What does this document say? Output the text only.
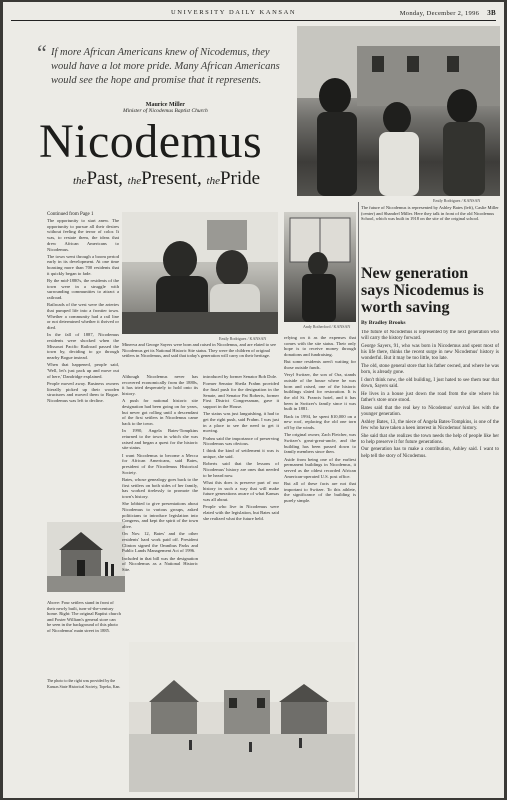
UNIVERSITY DAILY KANSAN	Monday, December 2, 1996 3B
“ If more African Americans knew of Nicodemus, they would have a lot more pride. Many African Americans would see the hope and promise that it represents.
Maurice Miller
Minister of Nicodemus Baptist Church
Nicodemus
thePast, thePresent, thePride
Emily Rodriguez / KANSAN
The future of Nicodemus is represented by Ashley Bates (left), Caslie Miller (center) and Shandrel Miller. Here they talk in front of the old Nicodemus School, which was built in 1918 on the site of the original school.
Continued from Page 1
Emily Rodriguez / KANSAN
Minerva and George Sayers were born and raised in Nicodemus, and are elated to see Nicodemus get its National Historic Site status. They were the children of original settlers in Nicodemus, and said that today's generation will carry on their heritage.
Andy Rotherford / KANSAN
New generation says Nicodemus is worth saving
By Bradley Brooks

The opportunity to start anew. The opportunity to pursue all their desires without feeling the terror of color. It was, to restate them, the ideas that drew African Americans to Nicodemus.

The town went through a boom period early in its development. At one time boasting more than 700 residents that it quickly began to fade.

By the mid-1880's, the residents of the town were in a struggle with surrounding communities to attract a railroad.

Railroads of the west were the arteries that pumped life into a frontier town. Whether a community had a rail line or not determined whether it thrived or died.

In the fall of 1887, Nicodemus residents were shocked when the Missouri Pacific Railroad passed the town by, deciding to go through nearby Bogue instead.

When that happened, people said, 'Well, let's just pack up and move out of here,' Dandridge explained.

People moved away. Business owners literally picked up their wooden structures and moved them to Bogue. Nicodemus was left to decline.

Above: Four settlers stand in front of their newly built, turn-of-the-century home. Right: The original Baptist church and Foster William's general store can be seen in the background of this photo of Nicodemus' main street in 1885.
The photo to the right was provided by the Kansas State Historical Society, Topeka, Kan.

Although Nicodemus never has recovered economically from the 1880s, it has tried desperately to hold onto its history.

A push for national historic site designation had been going on for years, but never got rolling until a descendant of the first settlers in Nicodemus came back to the town.

In 1990, Angela Bates-Tompkins returned to the town in which she was raised and began a quest for the historic site status.

I want Nicodemus to become a Mecca for African Americans, said Bates, president of the Nicodemus Historical Society.

Bates, whose genealogy goes back to the first settlers on both sides of her family, has worked tirelessly to promote the town's history.

She lobbied to give presentations about Nicodemus to various groups, asked politicians to introduce legislation into Congress, and kept the spirit of the town alive.

On Nov. 12, Bates' and the other residents' hard work paid off. President Clinton signed the Omnibus Parks and Public Lands Management Act of 1996.

Included in that bill was the designation of Nicodemus as a National Historic Site.

introduced by former Senator Bob Dole.

Former Senator Sheila Frahm provided the final push for the designation in the Senate, and Senator Pat Roberts, former First District Congressman, gave it support in the House.

The status was just languishing, it had to get the right push, said Frahm. I was just in a place to see the need to get it moving.

Frahm said the importance of preserving Nicodemus was obvious.

I think the kind of settlement it was is unique, she said.

Roberts said that the lessons of Nicodemus' history are ones that needed to be heard now.

What this does is preserve part of our history in such a way that will make future generations aware of what Kansas was all about.

People who live in Nicodemus were elated with the legislation, but Bates said she realized what the future held.

relying on it as the expenses that comes with the site status. Their only hope is to receive money through donations and fundraising.

But some residents aren't waiting for those outside funds.

Veryl Switzer, the son of Ora, stands outside of the house where he was born and raised, one of the historic buildings slated for restoration. It is the old St. Francis hotel, and it has been in Switzer's family since it was built in 1881.

Back in 1994, he spent $10,000 on a new roof, replacing the old one torn off by the winds.

The original owner, Zach Fletcher, was Switzer's great-great-uncle, and the building has been passed down to family members since then.

Aside from being one of the earliest permanent buildings in Nicodemus, it served as the oldest recorded African American-operated U.S. post office.

But all of these facts are not that important to Switzer. To this athlete, the significance of the building is purely simple.

The future of Nicodemus is represented by the next generation who will carry the history forward.

George Sayers, 91, who was born in Nicodemus and spent most of his life there, thinks the recent surge in new Nicodemus' history is wonderful. But it may be too little, too late.

The old, stone general store that his father owned, and where he was born, is already gone.

I don't think now, the old building, I just hated to see them tear that down, Sayers said.

He lives in a house just down the road from the site where his father's store once stood.

Bates said that the real key to Nicodemus' survival lies with the younger generation.

Ashley Bates, 13, the niece of Angela Bates-Tompkins, is one of the few who have taken a keen interest in Nicodemus' history.

She said that she realizes the town needs the help of people like her to help preserve it for future generations.

Our generation has to make a contribution, Ashley said. I want to help tell the story of Nicodemus.
